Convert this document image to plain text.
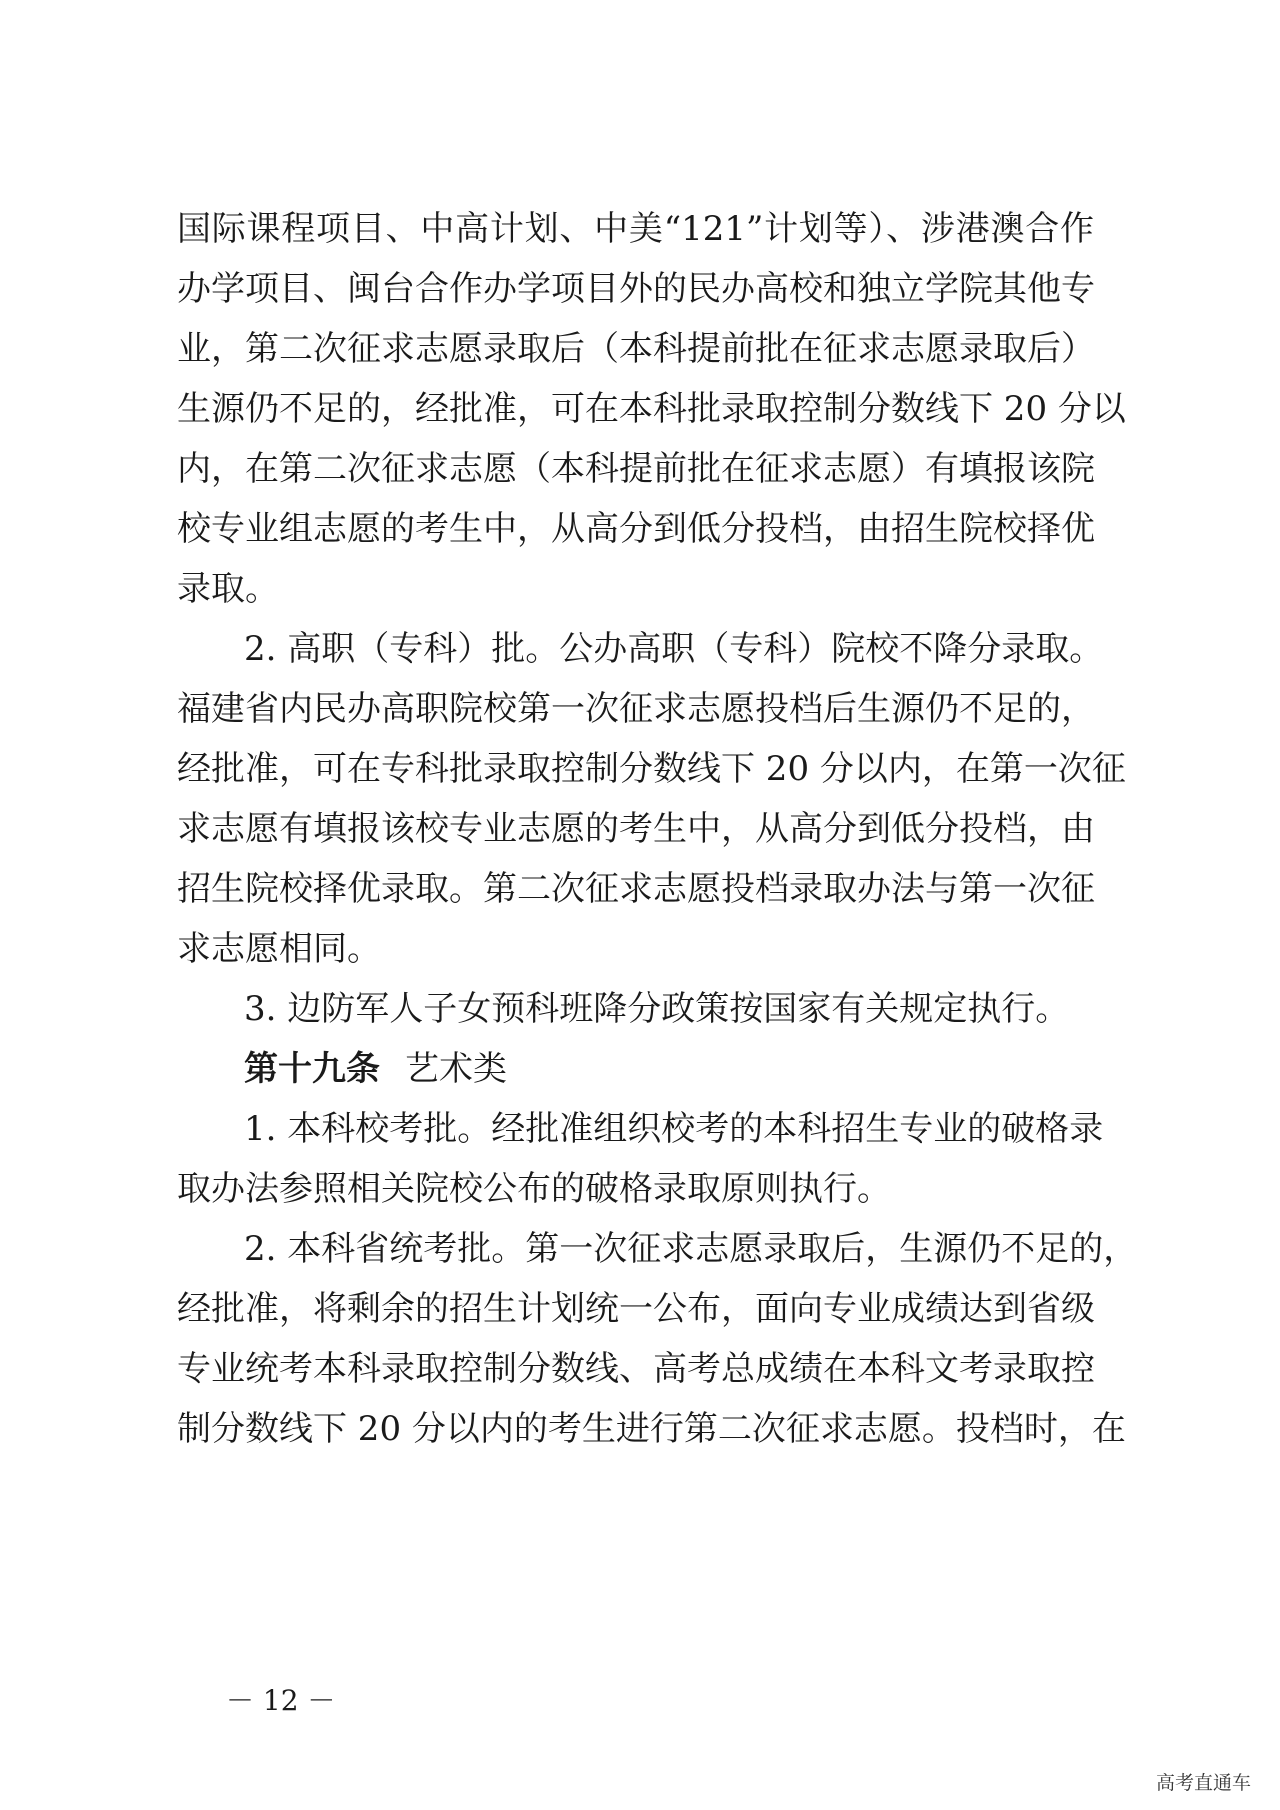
国际课程项目、中高计划、中美“121”计划等）、涉港澳合作
办学项目、闽台合作办学项目外的民办高校和独立学院其他专
业，第二次征求志愿录取后（本科提前批在征求志愿录取后）
生源仍不足的，经批准，可在本科批录取控制分数线下 20 分以
内，在第二次征求志愿（本科提前批在征求志愿）有填报该院
校专业组志愿的考生中，从高分到低分投档，由招生院校择优
录取。
2. 高职（专科）批。公办高职（专科）院校不降分录取。
福建省内民办高职院校第一次征求志愿投档后生源仍不足的，
经批准，可在专科批录取控制分数线下 20 分以内，在第一次征
求志愿有填报该校专业志愿的考生中，从高分到低分投档，由
招生院校择优录取。第二次征求志愿投档录取办法与第一次征
求志愿相同。
3. 边防军人子女预科班降分政策按国家有关规定执行。
第十九条 艺术类
1. 本科校考批。经批准组织校考的本科招生专业的破格录
取办法参照相关院校公布的破格录取原则执行。
2. 本科省统考批。第一次征求志愿录取后，生源仍不足的，
经批准，将剩余的招生计划统一公布，面向专业成绩达到省级
专业统考本科录取控制分数线、高考总成绩在本科文考录取控
制分数线下 20 分以内的考生进行第二次征求志愿。投档时，在
－ 12 －
高考直通车
